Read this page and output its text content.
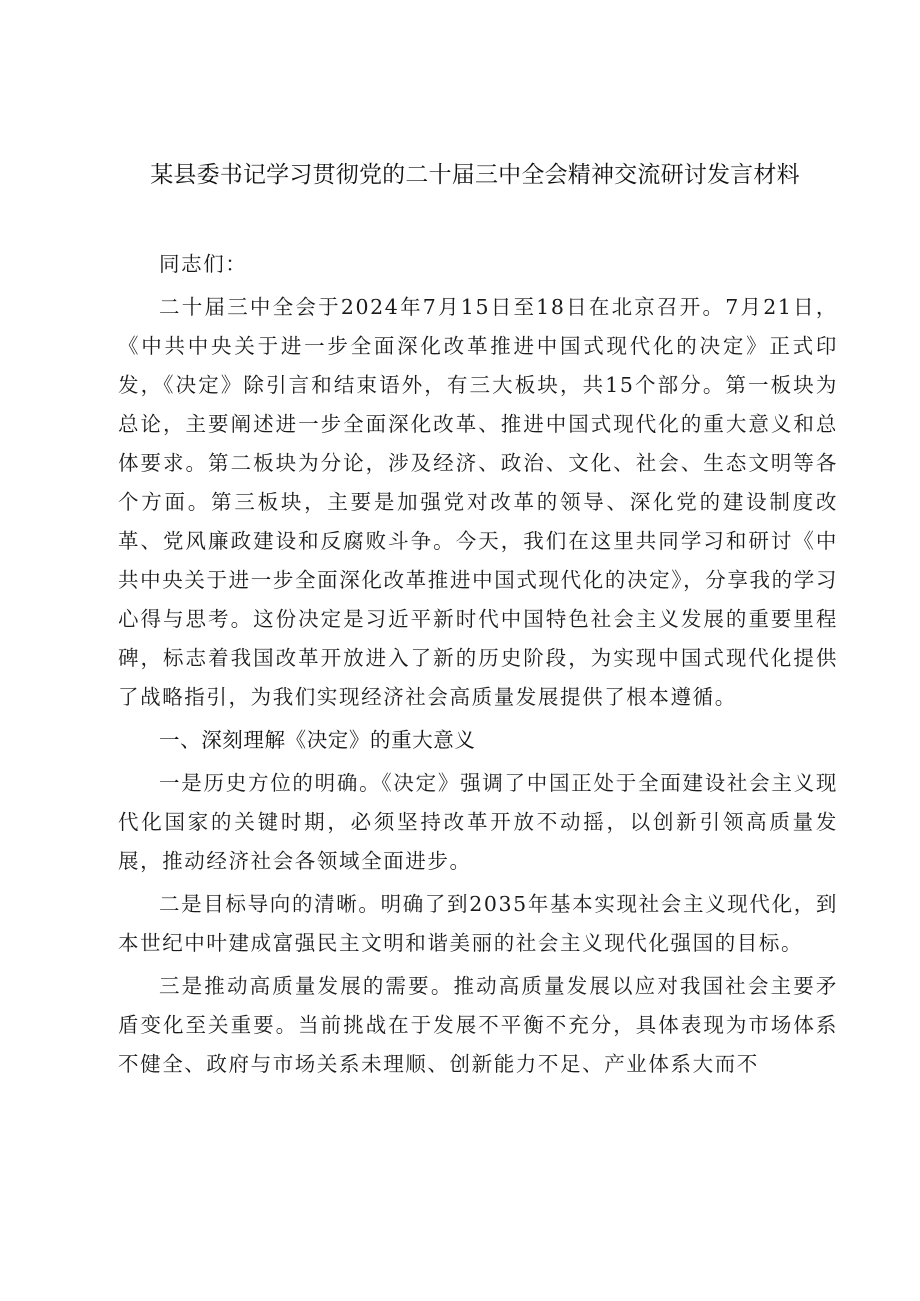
某县委书记学习贯彻党的二十届三中全会精神交流研讨发言材料

同志们：

二十届三中全会于2024年7月15日至18日在北京召开。7月21日，《中共中央关于进一步全面深化改革推进中国式现代化的决定》正式印发，《决定》除引言和结束语外，有三大板块，共15个部分。第一板块为总论，主要阐述进一步全面深化改革、推进中国式现代化的重大意义和总体要求。第二板块为分论，涉及经济、政治、文化、社会、生态文明等各个方面。第三板块，主要是加强党对改革的领导、深化党的建设制度改革、党风廉政建设和反腐败斗争。今天，我们在这里共同学习和研讨《中共中央关于进一步全面深化改革推进中国式现代化的决定》，分享我的学习心得与思考。这份决定是习近平新时代中国特色社会主义发展的重要里程碑，标志着我国改革开放进入了新的历史阶段，为实现中国式现代化提供了战略指引，为我们实现经济社会高质量发展提供了根本遵循。

一、深刻理解《决定》的重大意义

一是历史方位的明确。《决定》强调了中国正处于全面建设社会主义现代化国家的关键时期，必须坚持改革开放不动摇，以创新引领高质量发展，推动经济社会各领域全面进步。

二是目标导向的清晰。明确了到2035年基本实现社会主义现代化，到本世纪中叶建成富强民主文明和谐美丽的社会主义现代化强国的目标。

三是推动高质量发展的需要。推动高质量发展以应对我国社会主要矛盾变化至关重要。当前挑战在于发展不平衡不充分，具体表现为市场体系不健全、政府与市场关系未理顺、创新能力不足、产业体系大而不
